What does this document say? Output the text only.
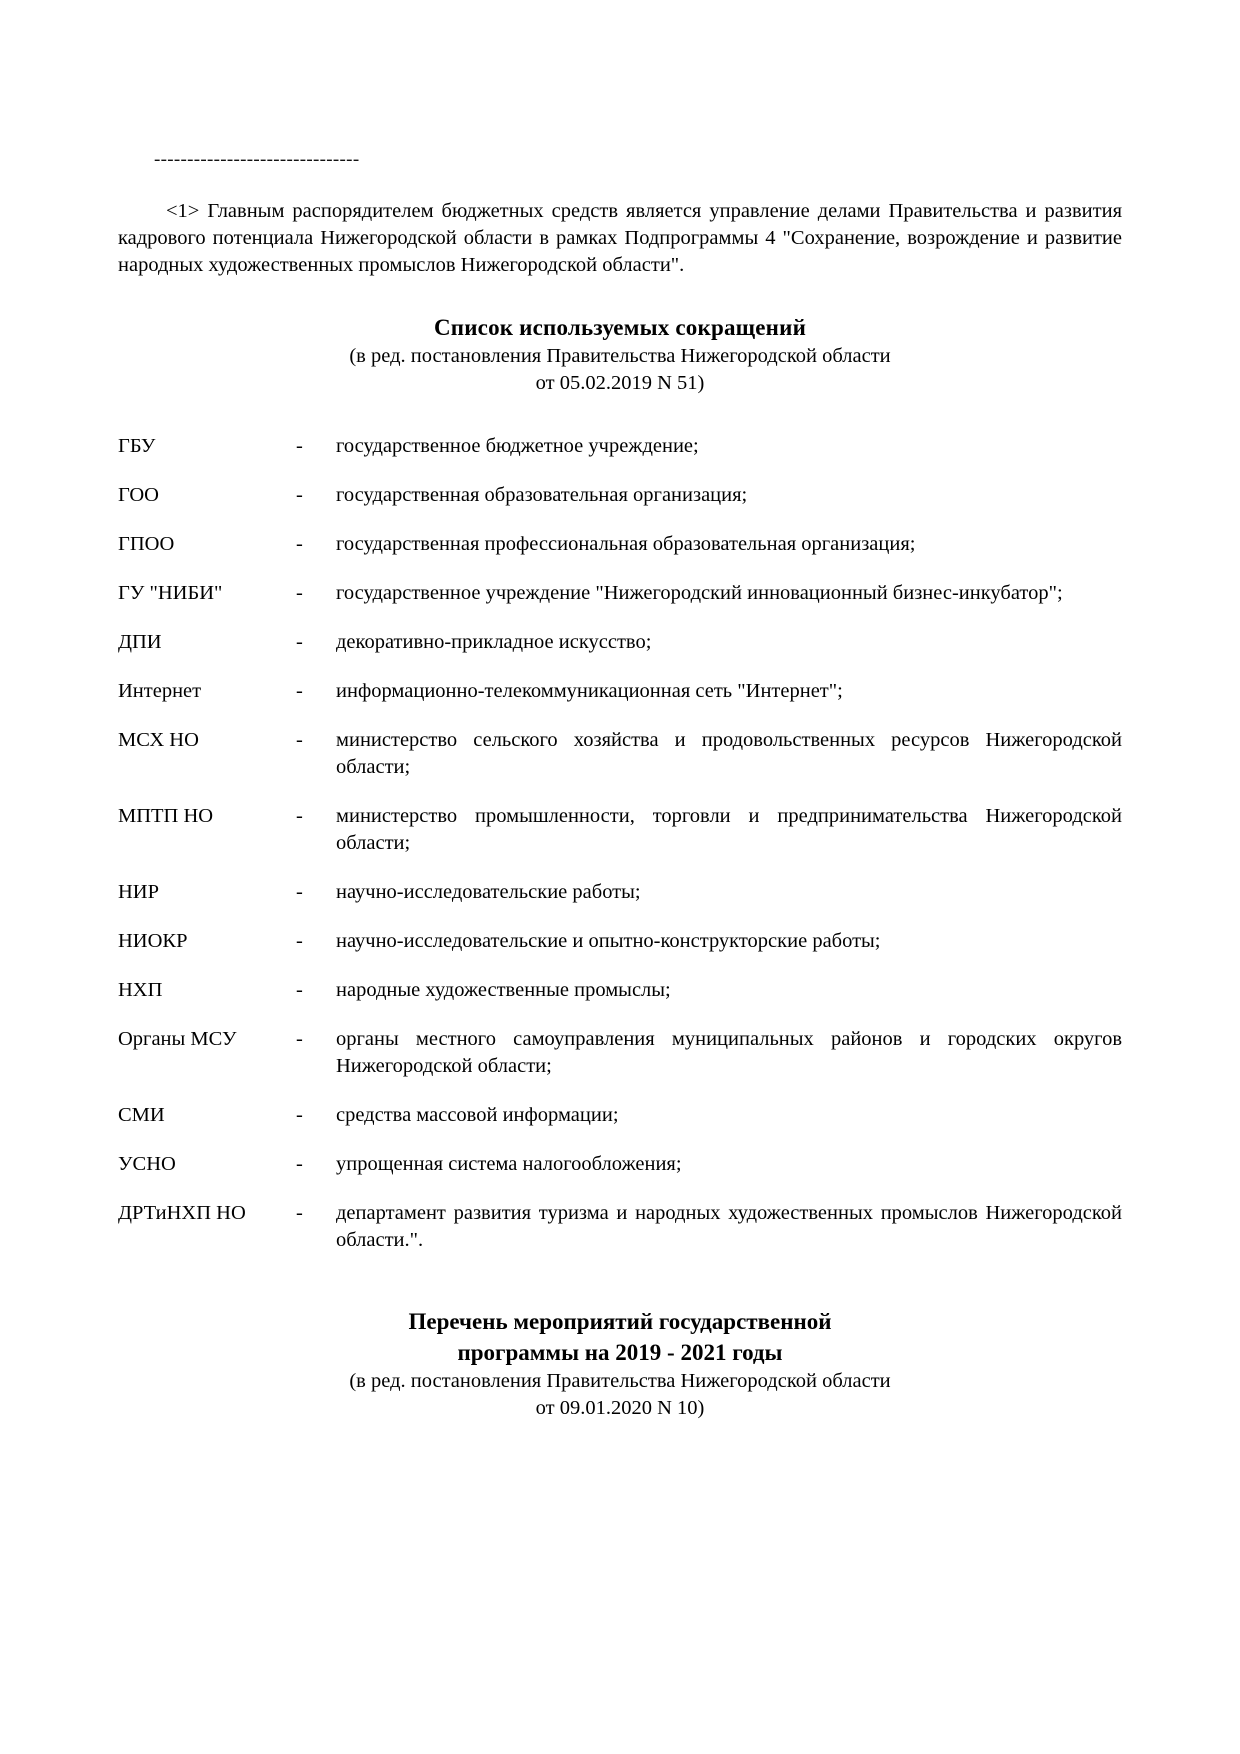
-------------------------------

<1> Главным распорядителем бюджетных средств является управление делами Правительства и развития кадрового потенциала Нижегородской области в рамках Подпрограммы 4 "Сохранение, возрождение и развитие народных художественных промыслов Нижегородской области".

Список используемых сокращений
(в ред. постановления Правительства Нижегородской области
от 05.02.2019 N 51)
ГБУ	-	государственное бюджетное учреждение;
ГОО	-	государственная образовательная организация;
ГПОО	-	государственная профессиональная образовательная организация;
ГУ "НИБИ"	-	государственное учреждение "Нижегородский инновационный бизнес-инкубатор";
ДПИ	-	декоративно-прикладное искусство;
Интернет	-	информационно-телекоммуникационная сеть "Интернет";
МСХ НО	-	министерство сельского хозяйства и продовольственных ресурсов Нижегородской области;
МПТП НО	-	министерство промышленности, торговли и предпринимательства Нижегородской области;
НИР	-	научно-исследовательские работы;
НИОКР	-	научно-исследовательские и опытно-конструкторские работы;
НХП	-	народные художественные промыслы;
Органы МСУ	-	органы местного самоуправления муниципальных районов и городских округов Нижегородской области;
СМИ	-	средства массовой информации;
УСНО	-	упрощенная система налогообложения;
ДРТиНХП НО	-	департамент развития туризма и народных художественных промыслов Нижегородской области.".
Перечень мероприятий государственной
программы на 2019 - 2021 годы
(в ред. постановления Правительства Нижегородской области
от 09.01.2020 N 10)
